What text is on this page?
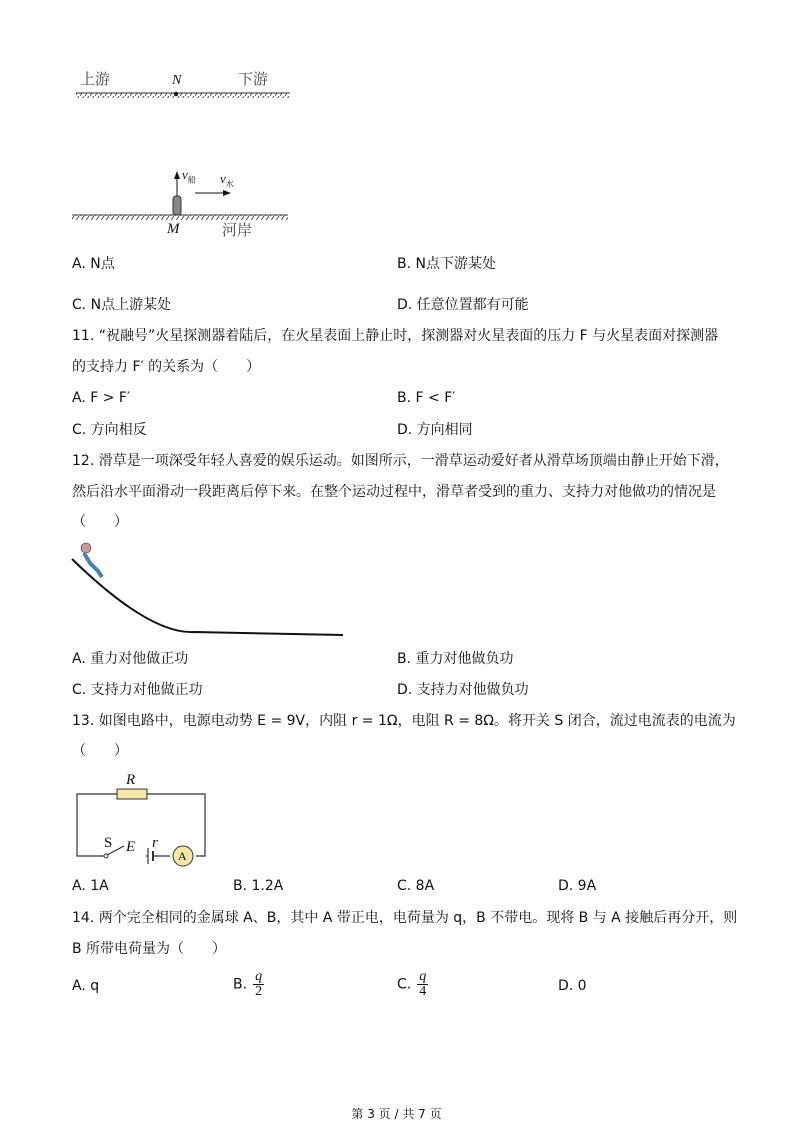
上游	N	下游
$v_船$ $v_水$
M	河岸
A. N点	B. N点下游某处
C. N点上游某处	D. 任意位置都有可能
11. “祝融号”火星探测器着陆后，在火星表面上静止时，探测器对火星表面的压力 F 与火星表面对探测器
的支持力 F′ 的关系为（　　）
A. F > F′	B. F < F′
C. 方向相反	D. 方向相同
12. 滑草是一项深受年轻人喜爱的娱乐运动。如图所示，一滑草运动爱好者从滑草场顶端由静止开始下滑，
然后沿水平面滑动一段距离后停下来。在整个运动过程中，滑草者受到的重力、支持力对他做功的情况是
（　　）
A. 重力对他做正功	B. 重力对他做负功
C. 支持力对他做正功	D. 支持力对他做负功
13. 如图电路中，电源电动势 E = 9V，内阻 r = 1Ω，电阻 R = 8Ω。将开关 S 闭合，流过电流表的电流为
（　　）
R
S E r
A
A. 1A	B. 1.2A	C. 8A	D. 9A
14. 两个完全相同的金属球 A、B，其中 A 带正电，电荷量为 q，B 不带电。现将 B 与 A 接触后再分开，则
B 所带电荷量为（　　）
A. q	B. $\frac{q}{2}$	C. $\frac{q}{4}$	D. 0
第 3 页 / 共 7 页
